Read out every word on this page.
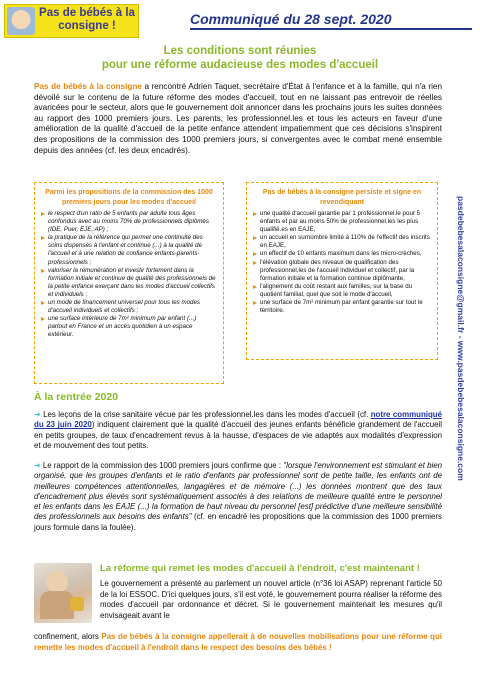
Pas de bébés à la consigne !	Communiqué du 28 sept. 2020
Les conditions sont réunies
pour une réforme audacieuse des modes d'accueil
Pas de bébés à la consigne a rencontré Adrien Taquet, secrétaire d'État à l'enfance et à la famille, qui n'a rien dévoilé sur le contenu de la future réforme des modes d'accueil, tout en ne laissant pas entrevoir de réelles avancées pour le secteur, alors que le gouvernement doit annoncer dans les prochains jours les suites données au rapport des 1000 premiers jours. Les parents, les professionnel.les et tous les acteurs en faveur d'une amélioration de la qualité d'accueil de la petite enfance attendent impatiemment que ces décisions s'inspirent des propositions de la commission des 1000 premiers jours, si convergentes avec le combat mené ensemble depuis des années (cf. les deux encadrés).
Parmi les propositions de la commission des 1000 premiers jours pour les modes d'accueil
le respect d'un ratio de 5 enfants par adulte tous âges confondus avec au moins 70% de professionnels diplômés (IDE, Puer, EJE, AP) ;
la pratique de la référence qui permet une continuité des soins dispensés à l'enfant et continue (...) à la qualité de l'accueil et à une relation de confiance enfants-parents-professionnels ;
valoriser la rémunération et investir fortement dans la formation initiale et continue de qualité des professionnels de la petite enfance exerçant dans les modes d'accueil collectifs et individuels ;
un mode de financement universel pour tous les modes d'accueil individuels et collectifs ;
une surface intérieure de 7m² minimum par enfant (...) partout en France et un accès quotidien à un espace extérieur.
Pas de bébés à la consigne persiste et signe en revendiquant
une qualité d'accueil garantie par 1 professionnel.le pour 5 enfants et par au moins 50% de professionnel.les les plus qualifié.es en EAJE,
un accueil en surnombre limité à 110% de l'effectif des inscrits en EAJE,
un effectif de 10 enfants maximum dans les micro-crèches,
l'élévation globale des niveaux de qualification des professionnel.les de l'accueil individuel et collectif, par la formation initiale et la formation continue diplômante,
l'alignement du coût restant aux familles, sur la base du quotient familial, quel que soit le mode d'accueil,
une surface de 7m² minimum par enfant garantie sur tout le territoire.	pasdebebesalaconsigne@gmail.fr - www.pasdebebesalaconsigne.com
À la rentrée 2020
➔ Les leçons de la crise sanitaire vécue par les professionnel.les dans les modes d'accueil (cf. notre communiqué du 23 juin 2020) indiquent clairement que la qualité d'accueil des jeunes enfants bénéficie grandement de l'accueil en petits groupes, de taux d'encadrement revus à la hausse, d'espaces de vie adaptés aux modalités d'expression et de mouvement des tout petits.
➔ Le rapport de la commission des 1000 premiers jours confirme que : "lorsque l'environnement est stimulant et bien organisé, que les groupes d'enfants et le ratio d'enfants par professionnel sont de petite taille, les enfants ont de meilleures compétences attentionnelles, langagières et de mémoire (...) les données montrent que des taux d'encadrement plus élevés sont systématiquement associés à des relations de meilleure qualité entre le personnel et les enfants dans les EAJE (...) la formation de haut niveau du personnel [est] prédictive d'une meilleure sensibilité des professionnels aux besoins des enfants" (cf. en encadré les propositions que la commission des 1000 premiers jours formule dans la foulée).
La réforme qui remet les modes d'accueil à l'endroit, c'est maintenant !
Le gouvernement a présenté au parlement un nouvel article (n°36 loi ASAP) reprenant l'article 50 de la loi ESSOC. D'ici quelques jours, s'il est voté, le gouvernement pourra réaliser la réforme des modes d'accueil par ordonnance et décret. Si le gouvernement maintenait les mesures qu'il envisageait avant le
confinement, alors Pas de bébés à la consigne appellerait à de nouvelles mobilisations pour une réforme qui remette les modes d'accueil à l'endroit dans le respect des besoins des bébés !
